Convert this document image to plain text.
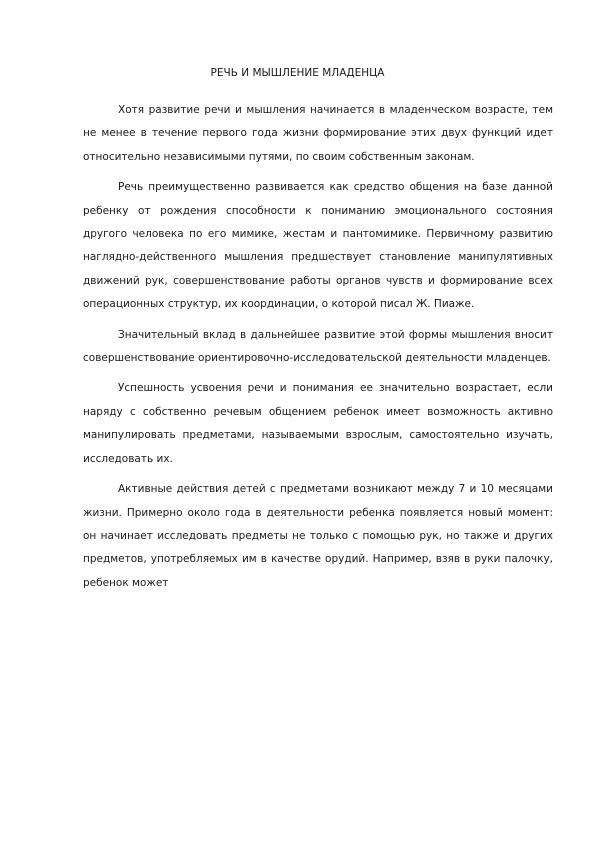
РЕЧЬ И МЫШЛЕНИЕ МЛАДЕНЦА

Хотя развитие речи и мышления начинается в младенческом возрасте, тем не менее в течение первого года жизни формирование этих двух функций идет относительно независимыми путями, по своим собственным законам.

Речь преимущественно развивается как средство общения на базе данной ребенку от рождения способности к пониманию эмоционального состояния другого человека по его мимике, жестам и пантомимике. Первичному развитию наглядно-действенного мышления предшествует становление манипулятивных движений рук, совершенствование работы органов чувств и формирование всех операционных структур, их координации, о которой писал Ж. Пиаже.

Значительный вклад в дальнейшее развитие этой формы мышления вносит совершенствование ориентировочно-исследовательской деятельности младенцев.

Успешность усвоения речи и понимания ее значительно возрастает, если наряду с собственно речевым общением ребенок имеет возможность активно манипулировать предметами, называемыми взрослым, самостоятельно изучать, исследовать их.

Активные действия детей с предметами возникают между 7 и 10 месяцами жизни. Примерно около года в деятельности ребенка появляется новый момент: он начинает исследовать предметы не только с помощью рук, но также и других предметов, употребляемых им в качестве орудий. Например, взяв в руки палочку, ребенок может
